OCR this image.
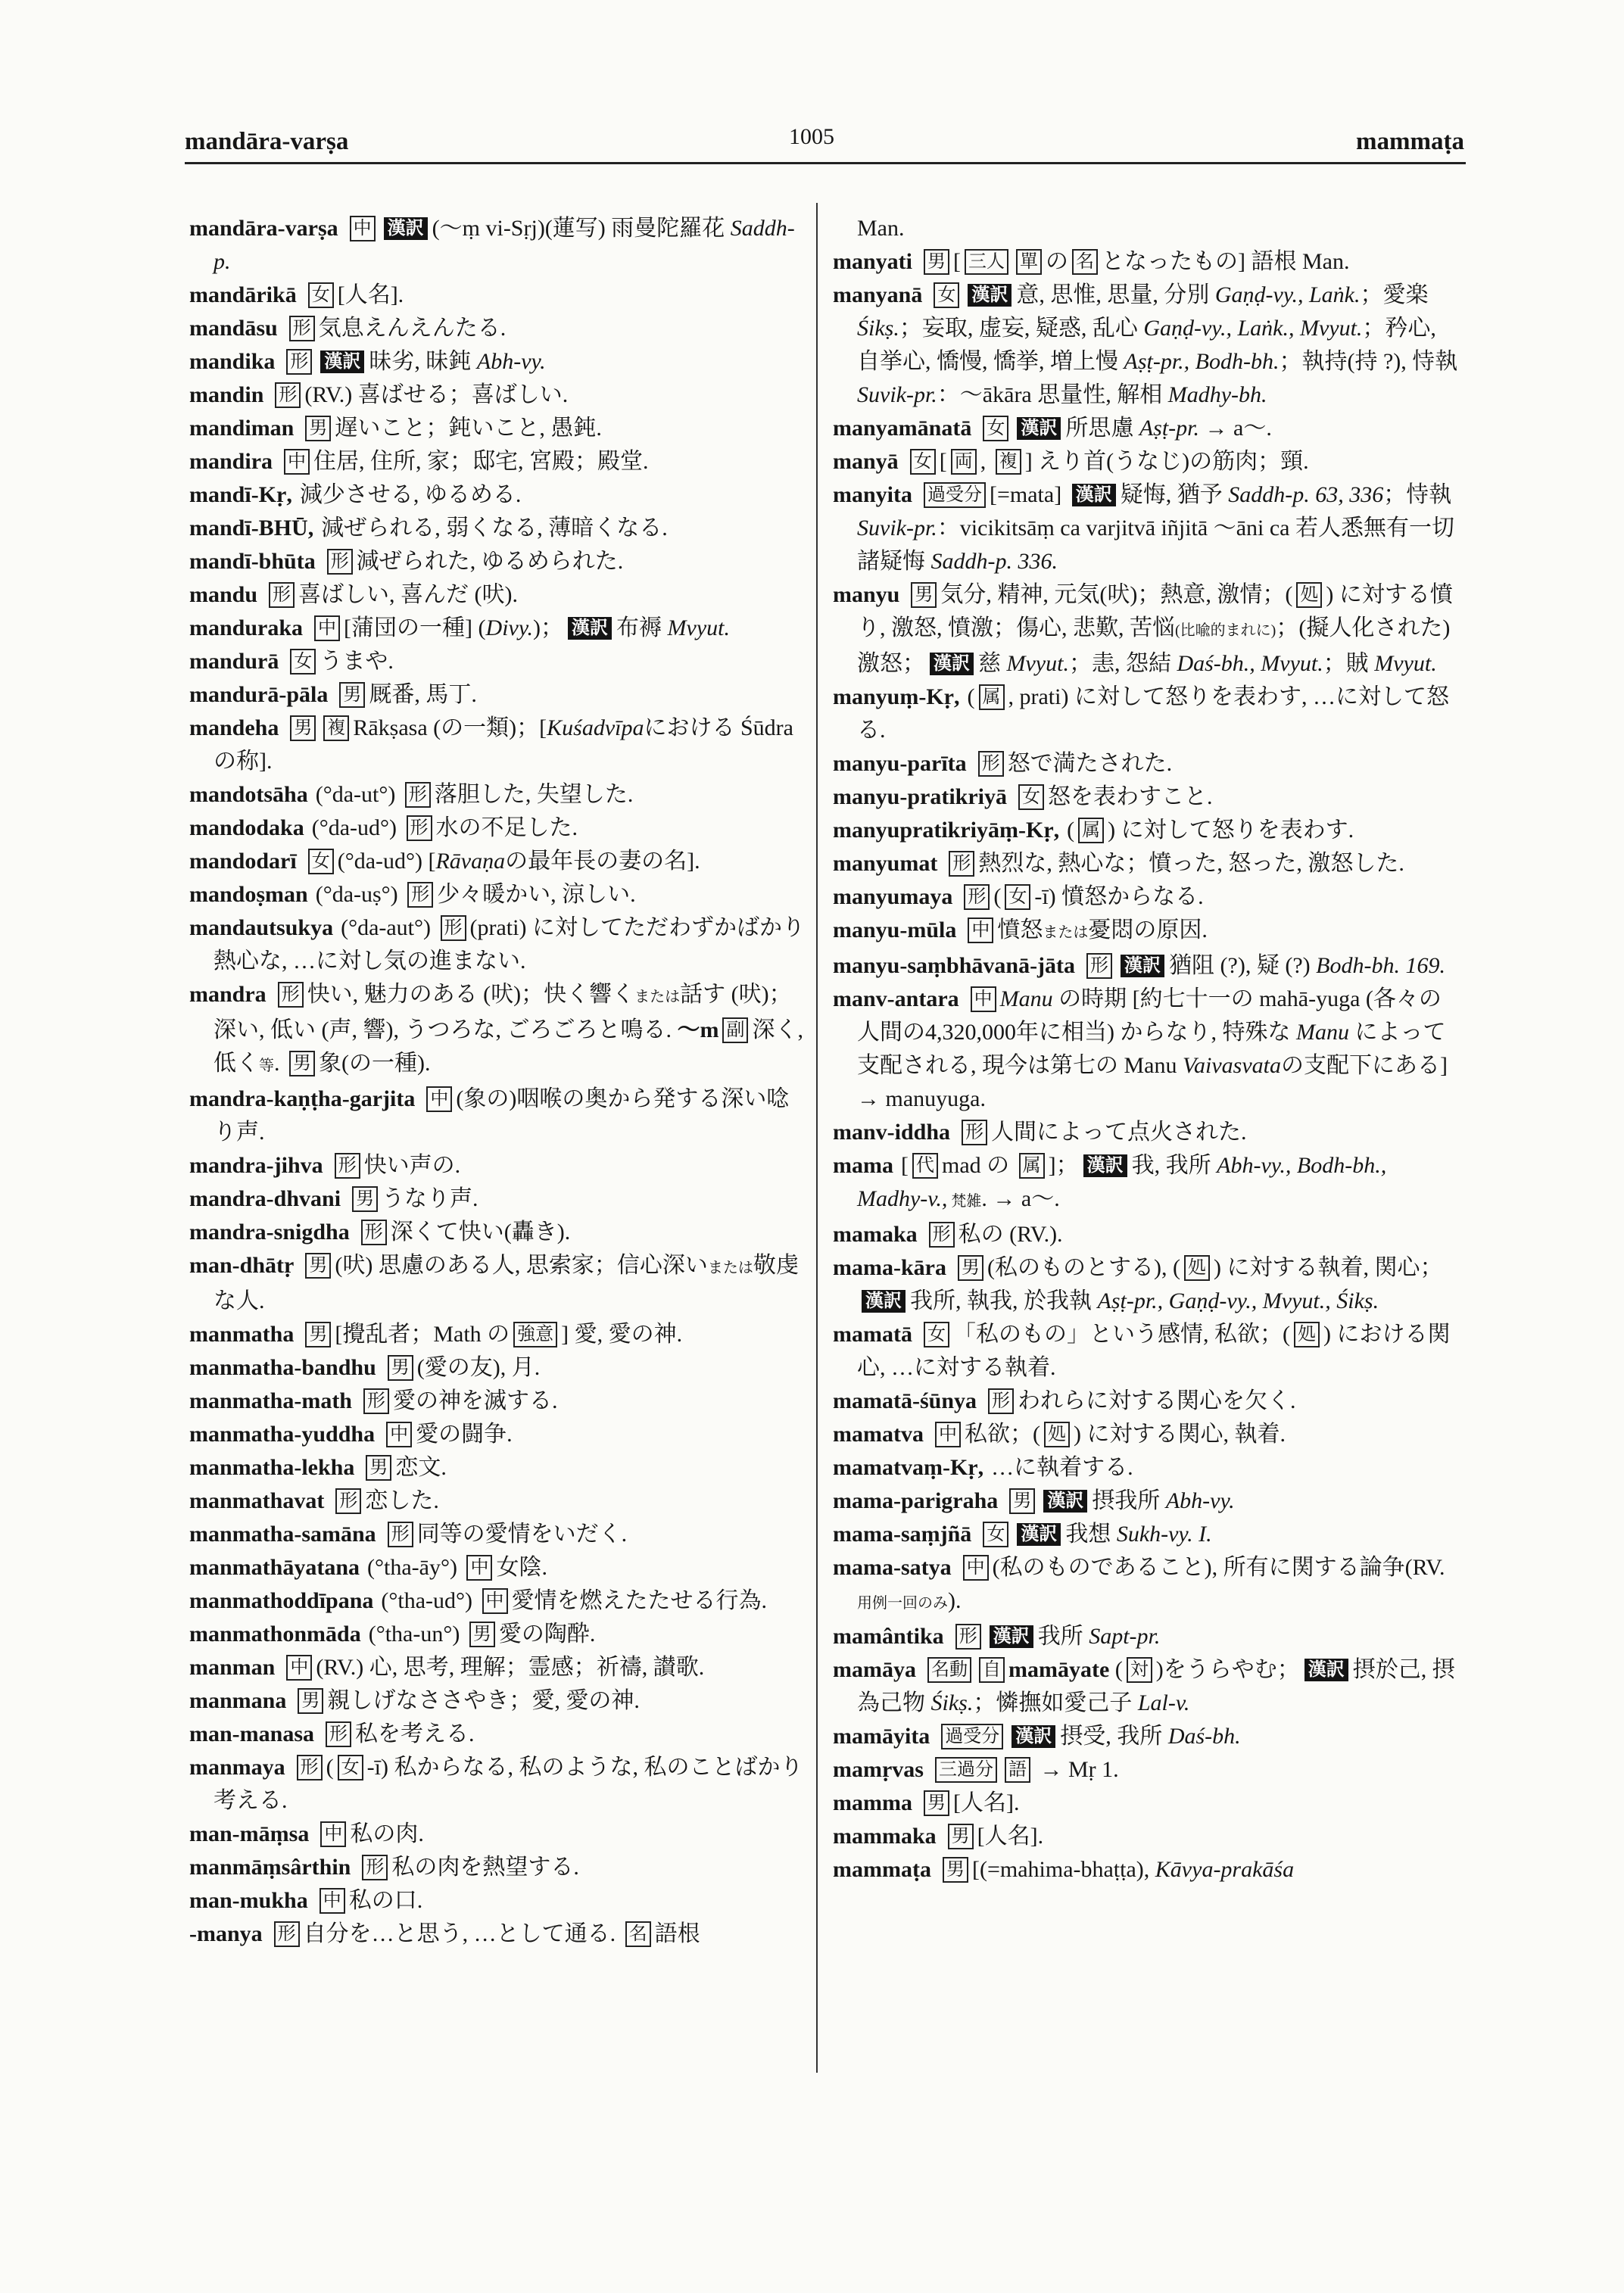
mandāra-varṣa	1005	mammaṭa
mandāra-varṣa 中 漢訳 (～ṃ vi-Sṛj)(蓮写) 雨曼陀羅花 Saddh-p.
mandārikā 女 [人名].
mandāsu 形 気息えんえんたる.
mandika 形 漢訳 昧劣, 昧鈍 Abh-vy.
mandin 形 (RV.) 喜ばせる；喜ばしい.
mandiman 男 遅いこと；鈍いこと, 愚鈍.
mandira 中 住居, 住所, 家；邸宅, 宮殿；殿堂.
mandī-Kṛ, 減少させる, ゆるめる.
mandī-BHŪ, 減ぜられる, 弱くなる, 薄暗くなる.
mandī-bhūta 形 減ぜられた, ゆるめられた.
mandu 形 喜ばしい, 喜んだ (吠).
manduraka 中 [蒲団の一種] (Divy.)； 漢訳 布褥 Mvyut.
mandurā 女 うまや.
mandurā-pāla 男 厩番, 馬丁.
mandeha 男 複 Rākṣasa (の一類)；[Kuśadvīpaにおける Śūdra の称].
mandotsāha (°da-ut°) 形 落胆した, 失望した.
mandodaka (°da-ud°) 形 水の不足した.
mandodarī 女 (°da-ud°) [Rāvaṇaの最年長の妻の名].
mandoṣman (°da-uṣ°) 形 少々暖かい, 涼しい.
mandautsukya (°da-aut°) 形 (prati) に対してただわずかばかり熱心な, …に対し気の進まない.
mandra 形 快い, 魅力のある (吠)；快く響くまたは話す (吠)；深い, 低い (声, 響), うつろな, ごろごろと鳴る. ～m 副 深く, 低く等. 男 象(の一種).
mandra-kaṇṭha-garjita 中 (象の)咽喉の奥から発する深い唸り声.
mandra-jihva 形 快い声の.
mandra-dhvani 男 うなり声.
mandra-snigdha 形 深くて快い(轟き).
man-dhātṛ 男 (吠) 思慮のある人, 思索家；信心深いまたは敬虔な人.
manmatha 男 [攪乱者；Math の 強意 ] 愛, 愛の神.
manmatha-bandhu 男 (愛の友), 月.
manmatha-math 形 愛の神を滅する.
manmatha-yuddha 中 愛の闘争.
manmatha-lekha 男 恋文.
manmathavat 形 恋した.
manmatha-samāna 形 同等の愛情をいだく.
manmathāyatana (°tha-āy°) 中 女陰.
manmathoddīpana (°tha-ud°) 中 愛情を燃えたたせる行為.
manmathonmāda (°tha-un°) 男 愛の陶酔.
manman 中 (RV.) 心, 思考, 理解；霊感；祈禱, 讃歌.
manmana 男 親しげなささやき；愛, 愛の神.
man-manasa 形 私を考える.
manmaya 形 ( 女 -ī) 私からなる, 私のような, 私のことばかり考える.
man-māṃsa 中 私の肉.
manmāṃsârthin 形 私の肉を熱望する.
man-mukha 中 私の口.
-manya 形 自分を…と思う, …として通る. 名 語根
Man.
manyati 男 [ 三人 單 の 名 となったもの] 語根 Man.
manyanā 女 漢訳 意, 思惟, 思量, 分別 Gaṇḍ-vy., Laṅk.；愛楽 Śikṣ.；妄取, 虚妄, 疑惑, 乱心 Gaṇḍ-vy., Laṅk., Mvyut.；矜心, 自挙心, 憍慢, 憍挙, 増上慢 Aṣṭ-pr., Bodh-bh.；執持(持 ?), 恃執 Suvik-pr.：～ākāra 思量性, 解相 Madhy-bh.
manyamānatā 女 漢訳 所思慮 Aṣṭ-pr. → a～.
manyā 女 [ 両 , 複 ] えり首(うなじ)の筋肉；頸.
manyita 過受分 [=mata] 漢訳 疑悔, 猶予 Saddh-p. 63, 336；恃執 Suvik-pr.：vicikitsāṃ ca varjitvā iñjitā ～āni ca 若人悉無有一切諸疑悔 Saddh-p. 336.
manyu 男 気分, 精神, 元気(吠)；熱意, 激情；( 処 ) に対する憤り, 激怒, 憤激；傷心, 悲歎, 苦悩(比喩的まれに)；(擬人化された)激怒； 漢訳 慈 Mvyut.；恚, 怨結 Daś-bh., Mvyut.；賊 Mvyut.
manyuṃ-Kṛ, ( 属 , prati) に対して怒りを表わす, …に対して怒る.
manyu-parīta 形 怒で満たされた.
manyu-pratikriyā 女 怒を表わすこと.
manyupratikriyāṃ-Kṛ, ( 属 ) に対して怒りを表わす.
manyumat 形 熱烈な, 熱心な；憤った, 怒った, 激怒した.
manyumaya 形 ( 女 -ī) 憤怒からなる.
manyu-mūla 中 憤怒または憂悶の原因.
manyu-saṃbhāvanā-jāta 形 漢訳 猶阻 (?), 疑 (?) Bodh-bh. 169.
manv-antara 中 Manu の時期 [約七十一の mahā-yuga (各々の人間の4,320,000年に相当) からなり, 特殊な Manu によって支配される, 現今は第七の Manu Vaivasvataの支配下にある] → manuyuga.
manv-iddha 形 人間によって点火された.
mama [ 代 mad の 属 ]； 漢訳 我, 我所 Abh-vy., Bodh-bh., Madhy-v., 梵雑. → a～.
mamaka 形 私の (RV.).
mama-kāra 男 (私のものとする), ( 処 ) に対する執着, 関心；漢訳 我所, 執我, 於我執 Aṣṭ-pr., Gaṇḍ-vy., Mvyut., Śikṣ.
mamatā 女 「私のもの」という感情, 私欲；( 処 ) における関心, …に対する執着.
mamatā-śūnya 形 われらに対する関心を欠く.
mamatva 中 私欲；( 処 ) に対する関心, 執着.
mamatvaṃ-Kṛ, …に執着する.
mama-parigraha 男 漢訳 摂我所 Abh-vy.
mama-saṃjñā 女 漢訳 我想 Sukh-vy. I.
mama-satya 中 (私のものであること), 所有に関する論争(RV. 用例一回のみ).
mamântika 形 漢訳 我所 Sapt-pr.
mamāya 名動 自 mamāyate ( 対 )をうらやむ； 漢訳 摂於己, 摂為己物 Śikṣ.；憐撫如愛己子 Lal-v.
mamāyita 過受分 漢訳 摂受, 我所 Daś-bh.
mamṛvas 三過分 語 → Mṛ 1.
mamma 男 [人名].
mammaka 男 [人名].
mammaṭa 男 [(=mahima-bhaṭṭa), Kāvya-prakāśa
